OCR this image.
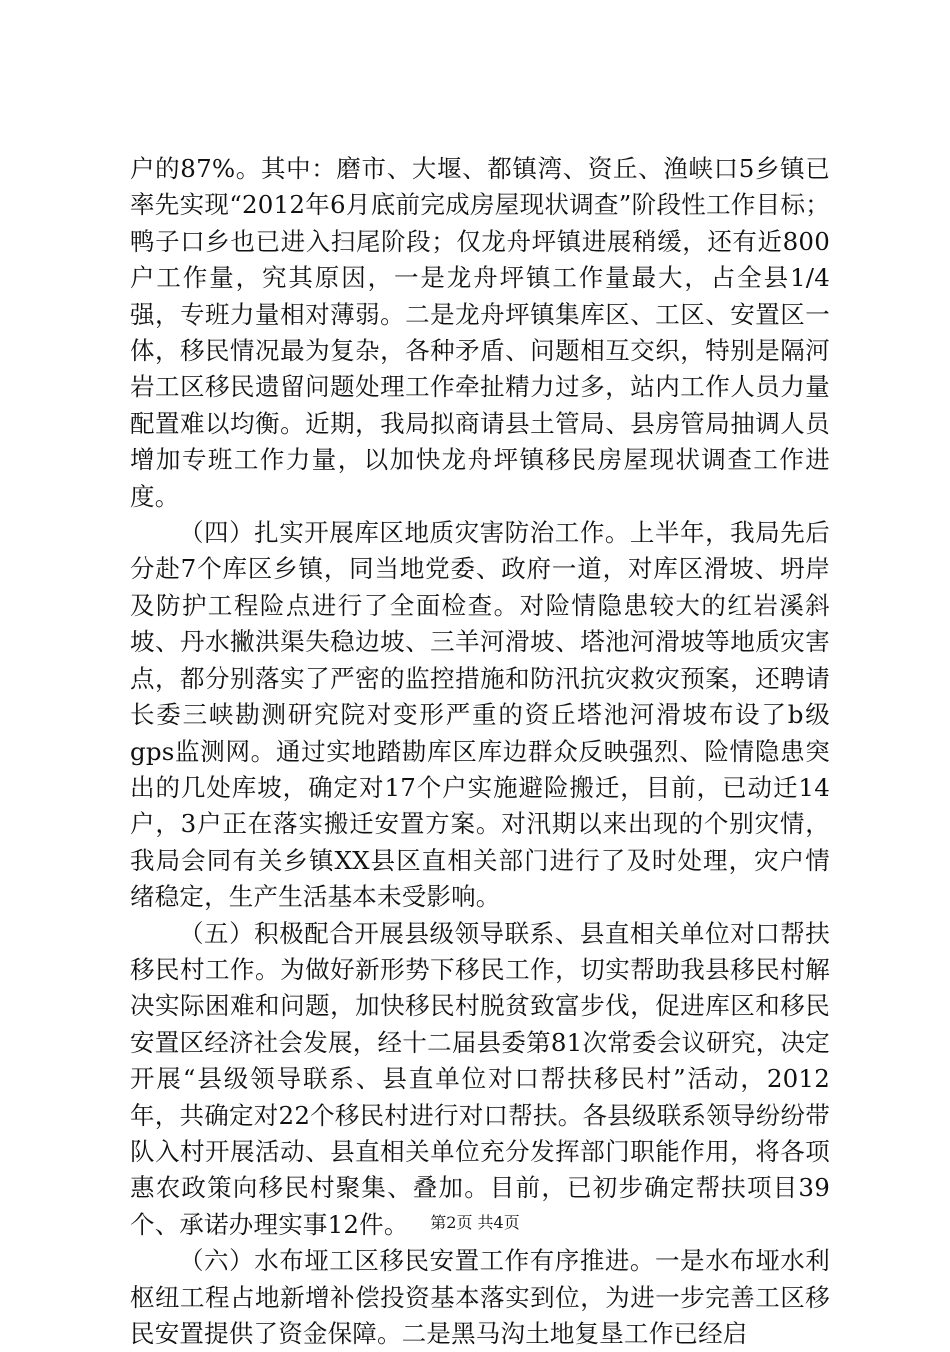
户的87%。其中：磨市、大堰、都镇湾、资丘、渔峡口5乡镇已率先实现“2012年6月底前完成房屋现状调查”阶段性工作目标；鸭子口乡也已进入扫尾阶段；仅龙舟坪镇进展稍缓，还有近800户工作量，究其原因，一是龙舟坪镇工作量最大，占全县1/4强，专班力量相对薄弱。二是龙舟坪镇集库区、工区、安置区一体，移民情况最为复杂，各种矛盾、问题相互交织，特别是隔河岩工区移民遗留问题处理工作牵扯精力过多，站内工作人员力量配置难以均衡。近期，我局拟商请县土管局、县房管局抽调人员增加专班工作力量，以加快龙舟坪镇移民房屋现状调查工作进度。

（四）扎实开展库区地质灾害防治工作。上半年，我局先后分赴7个库区乡镇，同当地党委、政府一道，对库区滑坡、坍岸及防护工程险点进行了全面检查。对险情隐患较大的红岩溪斜坡、丹水撇洪渠失稳边坡、三羊河滑坡、塔池河滑坡等地质灾害点，都分别落实了严密的监控措施和防汛抗灾救灾预案，还聘请长委三峡勘测研究院对变形严重的资丘塔池河滑坡布设了b级gps监测网。通过实地踏勘库区库边群众反映强烈、险情隐患突出的几处库坡，确定对17个户实施避险搬迁，目前，已动迁14户，3户正在落实搬迁安置方案。对汛期以来出现的个别灾情，我局会同有关乡镇XX县区直相关部门进行了及时处理，灾户情绪稳定，生产生活基本未受影响。

（五）积极配合开展县级领导联系、县直相关单位对口帮扶移民村工作。为做好新形势下移民工作，切实帮助我县移民村解决实际困难和问题，加快移民村脱贫致富步伐，促进库区和移民安置区经济社会发展，经十二届县委第81次常委会议研究，决定开展“县级领导联系、县直单位对口帮扶移民村”活动，2012年，共确定对22个移民村进行对口帮扶。各县级联系领导纷纷带队入村开展活动、县直相关单位充分发挥部门职能作用，将各项惠农政策向移民村聚集、叠加。目前，已初步确定帮扶项目39个、承诺办理实事12件。

（六）水布垭工区移民安置工作有序推进。一是水布垭水利枢纽工程占地新增补偿投资基本落实到位，为进一步完善工区移民安置提供了资金保障。二是黑马沟土地复垦工作已经启

第2页 共4页
